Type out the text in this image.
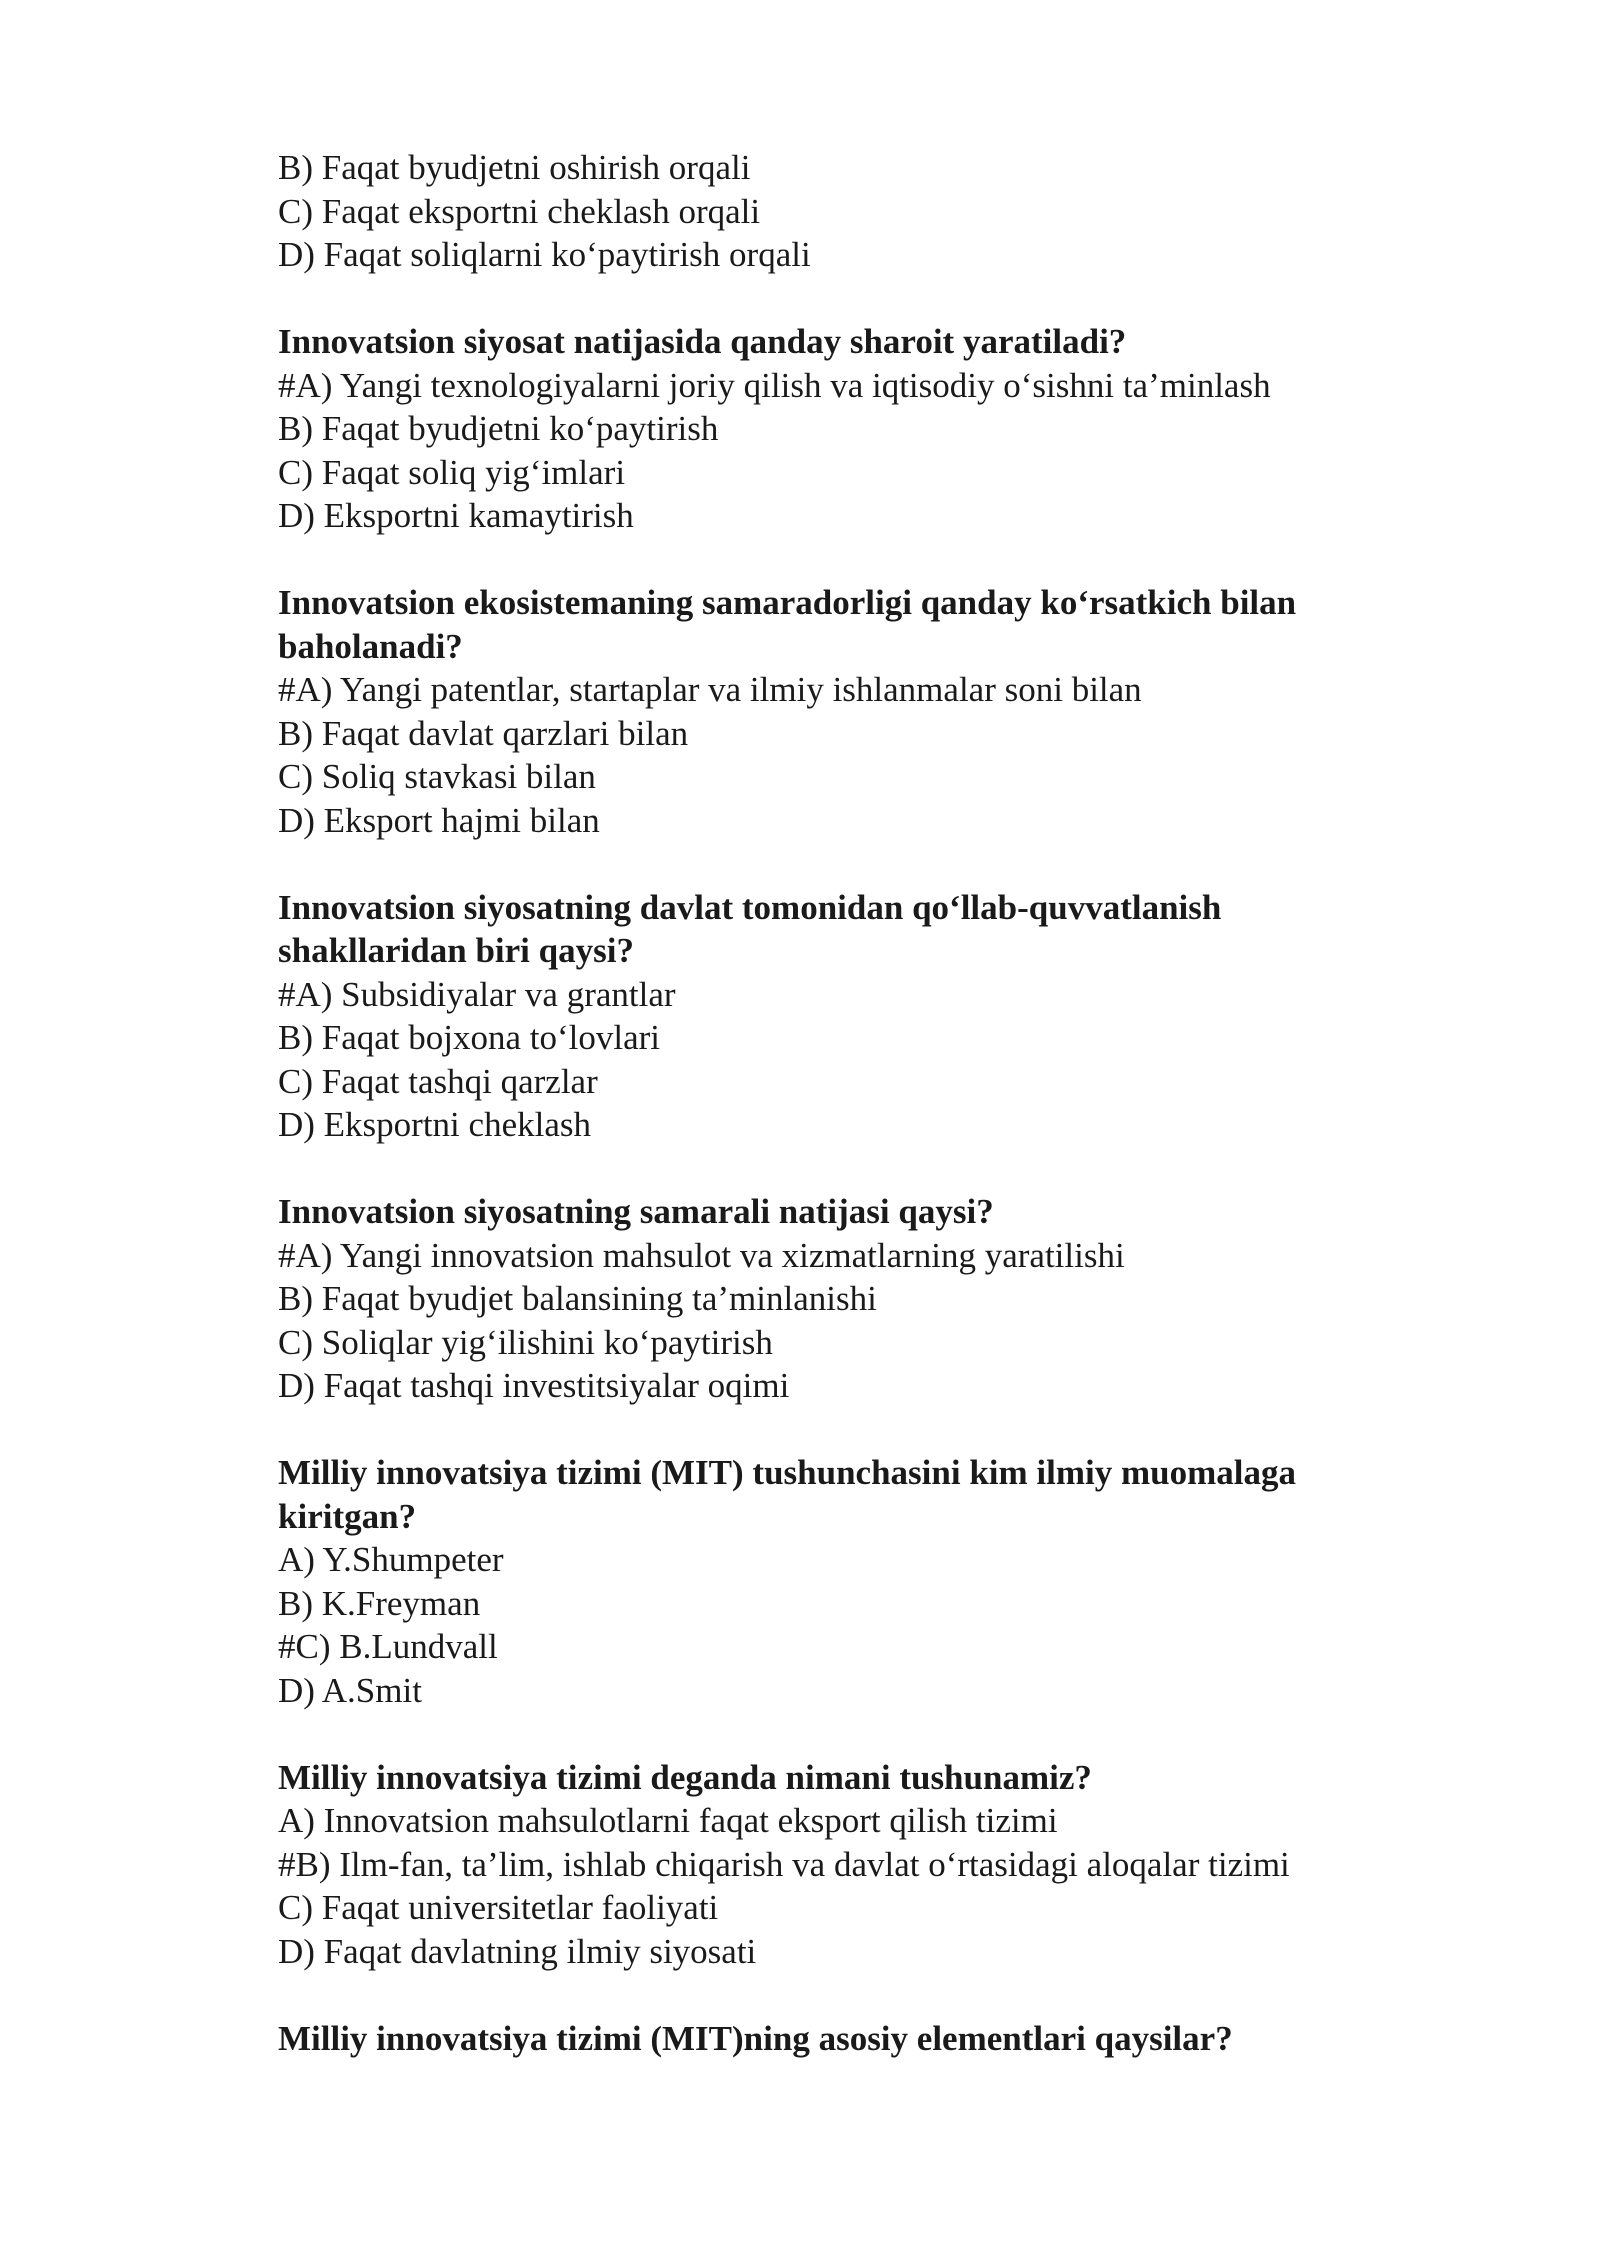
B) Faqat byudjetni oshirish orqali

C) Faqat eksportni cheklash orqali

D) Faqat soliqlarni ko‘paytirish orqali

Innovatsion siyosat natijasida qanday sharoit yaratiladi?

#A) Yangi texnologiyalarni joriy qilish va iqtisodiy o‘sishni ta’minlash

B) Faqat byudjetni ko‘paytirish

C) Faqat soliq yig‘imlari

D) Eksportni kamaytirish

Innovatsion ekosistemaning samaradorligi qanday ko‘rsatkich bilan baholanadi?

#A) Yangi patentlar, startaplar va ilmiy ishlanmalar soni bilan

B) Faqat davlat qarzlari bilan

C) Soliq stavkasi bilan

D) Eksport hajmi bilan

Innovatsion siyosatning davlat tomonidan qo‘llab-quvvatlanish shakllaridan biri qaysi?

#A) Subsidiyalar va grantlar

B) Faqat bojxona to‘lovlari

C) Faqat tashqi qarzlar

D) Eksportni cheklash

Innovatsion siyosatning samarali natijasi qaysi?

#A) Yangi innovatsion mahsulot va xizmatlarning yaratilishi

B) Faqat byudjet balansining ta’minlanishi

C) Soliqlar yig‘ilishini ko‘paytirish

D) Faqat tashqi investitsiyalar oqimi

Milliy innovatsiya tizimi (MIT) tushunchasini kim ilmiy muomalaga kiritgan?

A) Y.Shumpeter

B) K.Freyman

#C) B.Lundvall

D) A.Smit

Milliy innovatsiya tizimi deganda nimani tushunamiz?

A) Innovatsion mahsulotlarni faqat eksport qilish tizimi

#B) Ilm-fan, ta’lim, ishlab chiqarish va davlat o‘rtasidagi aloqalar tizimi

C) Faqat universitetlar faoliyati

D) Faqat davlatning ilmiy siyosati

Milliy innovatsiya tizimi (MIT)ning asosiy elementlari qaysilar?
